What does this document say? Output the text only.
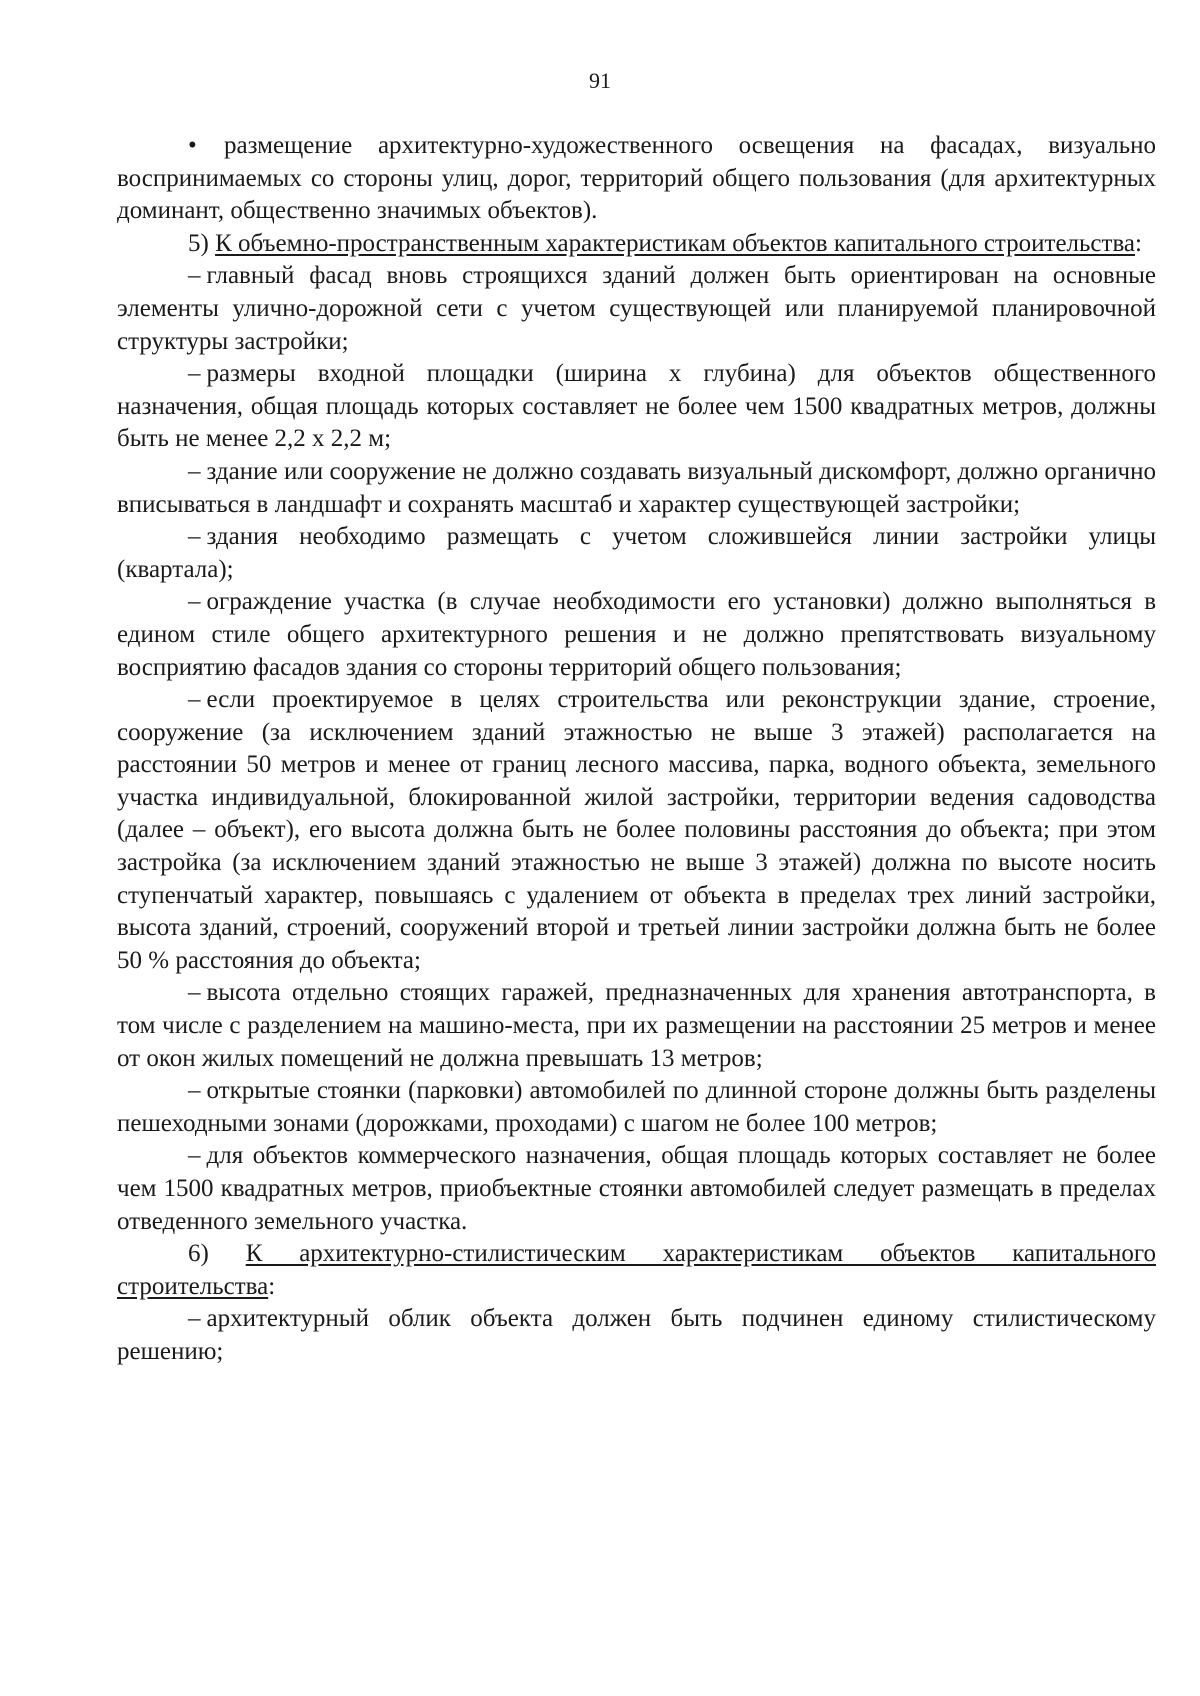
91

• размещение архитектурно-художественного освещения на фасадах, визуально воспринимаемых со стороны улиц, дорог, территорий общего пользования (для архитектурных доминант, общественно значимых объектов).

5) К объемно-пространственным характеристикам объектов капитального строительства:

– главный фасад вновь строящихся зданий должен быть ориентирован на основные элементы улично-дорожной сети с учетом существующей или планируемой планировочной структуры застройки;

– размеры входной площадки (ширина х глубина) для объектов общественного назначения, общая площадь которых составляет не более чем 1500 квадратных метров, должны быть не менее 2,2 х 2,2 м;

– здание или сооружение не должно создавать визуальный дискомфорт, должно органично вписываться в ландшафт и сохранять масштаб и характер существующей застройки;

– здания необходимо размещать с учетом сложившейся линии застройки улицы (квартала);

– ограждение участка (в случае необходимости его установки) должно выполняться в едином стиле общего архитектурного решения и не должно препятствовать визуальному восприятию фасадов здания со стороны территорий общего пользования;

– если проектируемое в целях строительства или реконструкции здание, строение, сооружение (за исключением зданий этажностью не выше 3 этажей) располагается на расстоянии 50 метров и менее от границ лесного массива, парка, водного объекта, земельного участка индивидуальной, блокированной жилой застройки, территории ведения садоводства (далее – объект), его высота должна быть не более половины расстояния до объекта; при этом застройка (за исключением зданий этажностью не выше 3 этажей) должна по высоте носить ступенчатый характер, повышаясь с удалением от объекта в пределах трех линий застройки, высота зданий, строений, сооружений второй и третьей линии застройки должна быть не более 50 % расстояния до объекта;

– высота отдельно стоящих гаражей, предназначенных для хранения автотранспорта, в том числе с разделением на машино-места, при их размещении на расстоянии 25 метров и менее от окон жилых помещений не должна превышать 13 метров;

– открытые стоянки (парковки) автомобилей по длинной стороне должны быть разделены пешеходными зонами (дорожками, проходами) с шагом не более 100 метров;

– для объектов коммерческого назначения, общая площадь которых составляет не более чем 1500 квадратных метров, приобъектные стоянки автомобилей следует размещать в пределах отведенного земельного участка.

6) К архитектурно-стилистическим характеристикам объектов капитального строительства:

– архитектурный облик объекта должен быть подчинен единому стилистическому решению;
